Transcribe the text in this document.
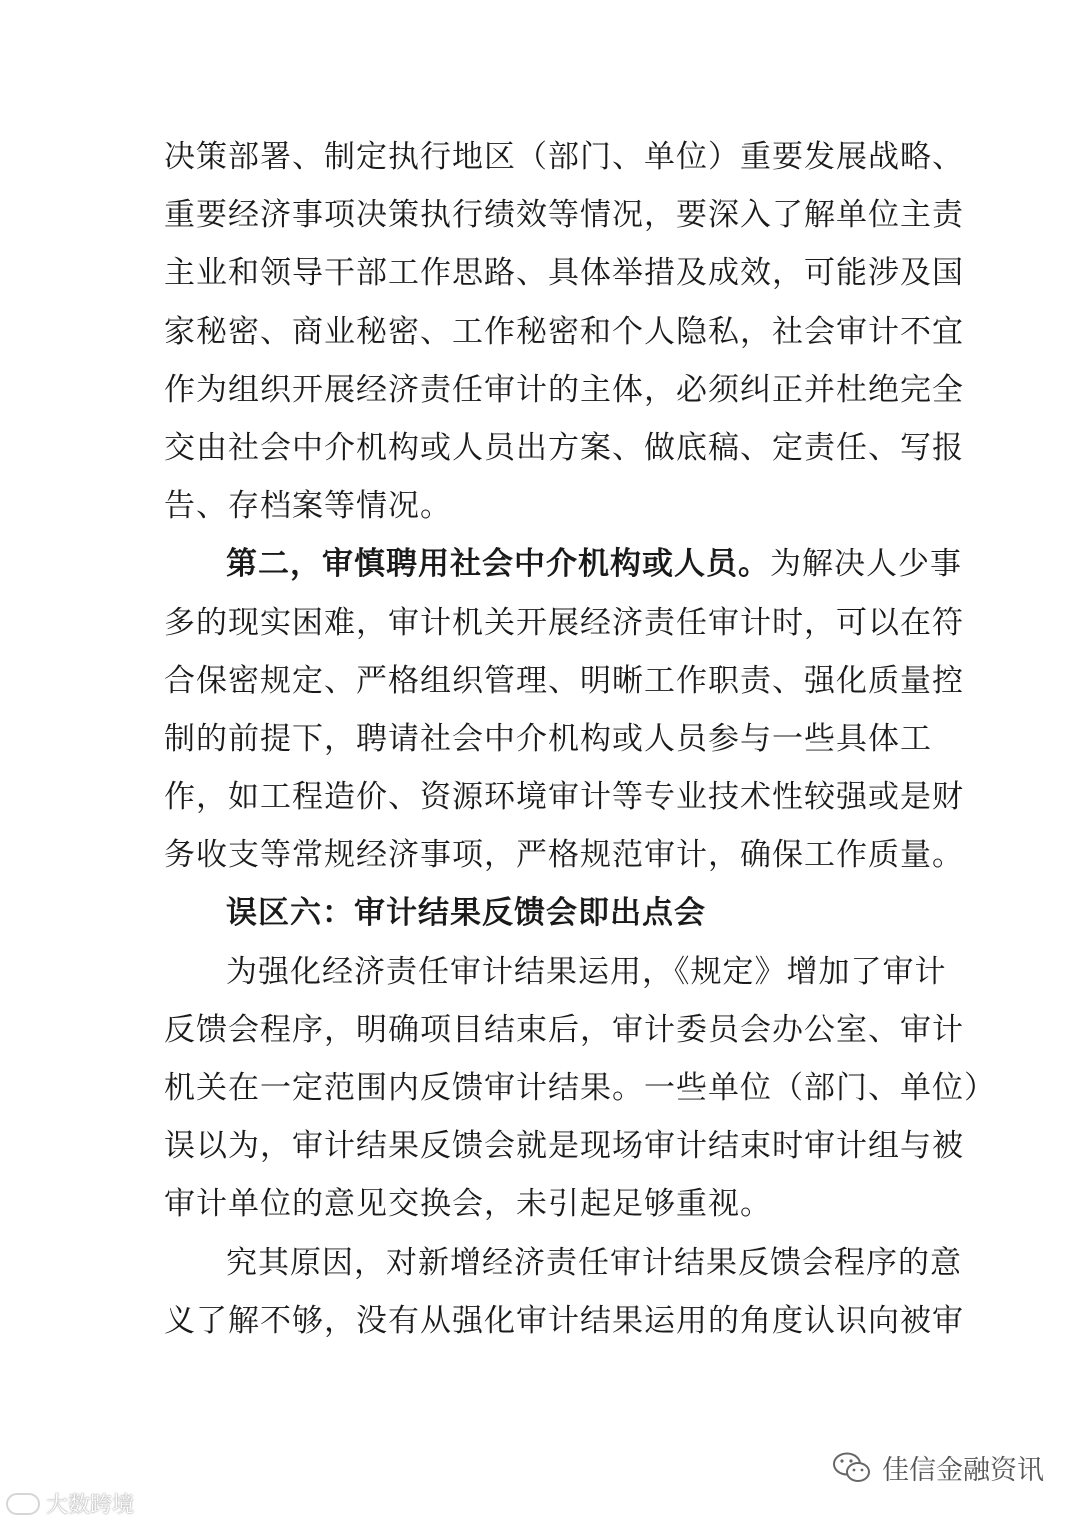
决策部署、制定执行地区（部门、单位）重要发展战略、
重要经济事项决策执行绩效等情况，要深入了解单位主责
主业和领导干部工作思路、具体举措及成效，可能涉及国
家秘密、商业秘密、工作秘密和个人隐私，社会审计不宜
作为组织开展经济责任审计的主体，必须纠正并杜绝完全
交由社会中介机构或人员出方案、做底稿、定责任、写报
告、存档案等情况。
第二，审慎聘用社会中介机构或人员。为解决人少事
多的现实困难，审计机关开展经济责任审计时，可以在符
合保密规定、严格组织管理、明晰工作职责、强化质量控
制的前提下，聘请社会中介机构或人员参与一些具体工
作，如工程造价、资源环境审计等专业技术性较强或是财
务收支等常规经济事项，严格规范审计，确保工作质量。
误区六：审计结果反馈会即出点会
为强化经济责任审计结果运用，《规定》增加了审计
反馈会程序，明确项目结束后，审计委员会办公室、审计
机关在一定范围内反馈审计结果。一些单位（部门、单位）
误以为，审计结果反馈会就是现场审计结束时审计组与被
审计单位的意见交换会，未引起足够重视。
究其原因，对新增经济责任审计结果反馈会程序的意
义了解不够，没有从强化审计结果运用的角度认识向被审
大数跨境
佳信金融资讯
